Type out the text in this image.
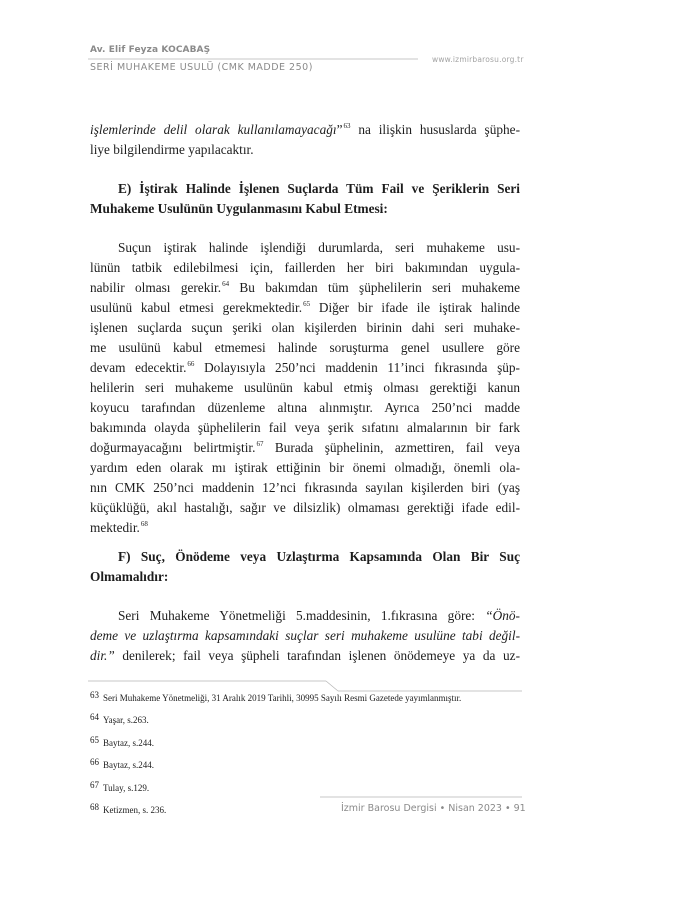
Av. Elif Feyza KOCABAŞ
SERİ MUHAKEME USULÜ (CMK MADDE 250)
www.izmirbarosu.org.tr

işlemlerinde delil olarak kullanılamayacağı”$^{63}$ na ilişkin hususlarda şüphe-
liye bilgilendirme yapılacaktır.

E) İştirak Halinde İşlenen Suçlarda Tüm Fail ve Şeriklerin Seri
Muhakeme Usulünün Uygulanmasını Kabul Etmesi:

Suçun iştirak halinde işlendiği durumlarda, seri muhakeme usu-
lünün tatbik edilebilmesi için, faillerden her biri bakımından uygula-
nabilir olması gerekir.$^{64}$ Bu bakımdan tüm şüphelilerin seri muhakeme
usulünü kabul etmesi gerekmektedir.$^{65}$ Diğer bir ifade ile iştirak halinde
işlenen suçlarda suçun şeriki olan kişilerden birinin dahi seri muhake-
me usulünü kabul etmemesi halinde soruşturma genel usullere göre
devam edecektir.$^{66}$ Dolayısıyla 250’nci maddenin 11’inci fıkrasında şüp-
helilerin seri muhakeme usulünün kabul etmiş olması gerektiği kanun
koyucu tarafından düzenleme altına alınmıştır. Ayrıca 250’nci madde
bakımında olayda şüphelilerin fail veya şerik sıfatını almalarının bir fark
doğurmayacağını belirtmiştir.$^{67}$ Burada şüphelinin, azmettiren, fail veya
yardım eden olarak mı iştirak ettiğinin bir önemi olmadığı, önemli ola-
nın CMK 250’nci maddenin 12’nci fıkrasında sayılan kişilerden biri (yaş
küçüklüğü, akıl hastalığı, sağır ve dilsizlik) olmaması gerektiği ifade edil-
mektedir.$^{68}$

F) Suç, Önödeme veya Uzlaştırma Kapsamında Olan Bir Suç
Olmamalıdır:

Seri Muhakeme Yönetmeliği 5.maddesinin, 1.fıkrasına göre: “Önö-
deme ve uzlaştırma kapsamındaki suçlar seri muhakeme usulüne tabi değil-
dir.” denilerek; fail veya şüpheli tarafından işlenen önödemeye ya da uz-

63 Seri Muhakeme Yönetmeliği, 31 Aralık 2019 Tarihli, 30995 Sayılı Resmi Gazetede yayımlanmıştır.
64 Yaşar, s.263.
65 Baytaz, s.244.
66 Baytaz, s.244.
67 Tulay, s.129.
68 Ketizmen, s. 236.	İzmir Barosu Dergisi • Nisan 2023 • 91
